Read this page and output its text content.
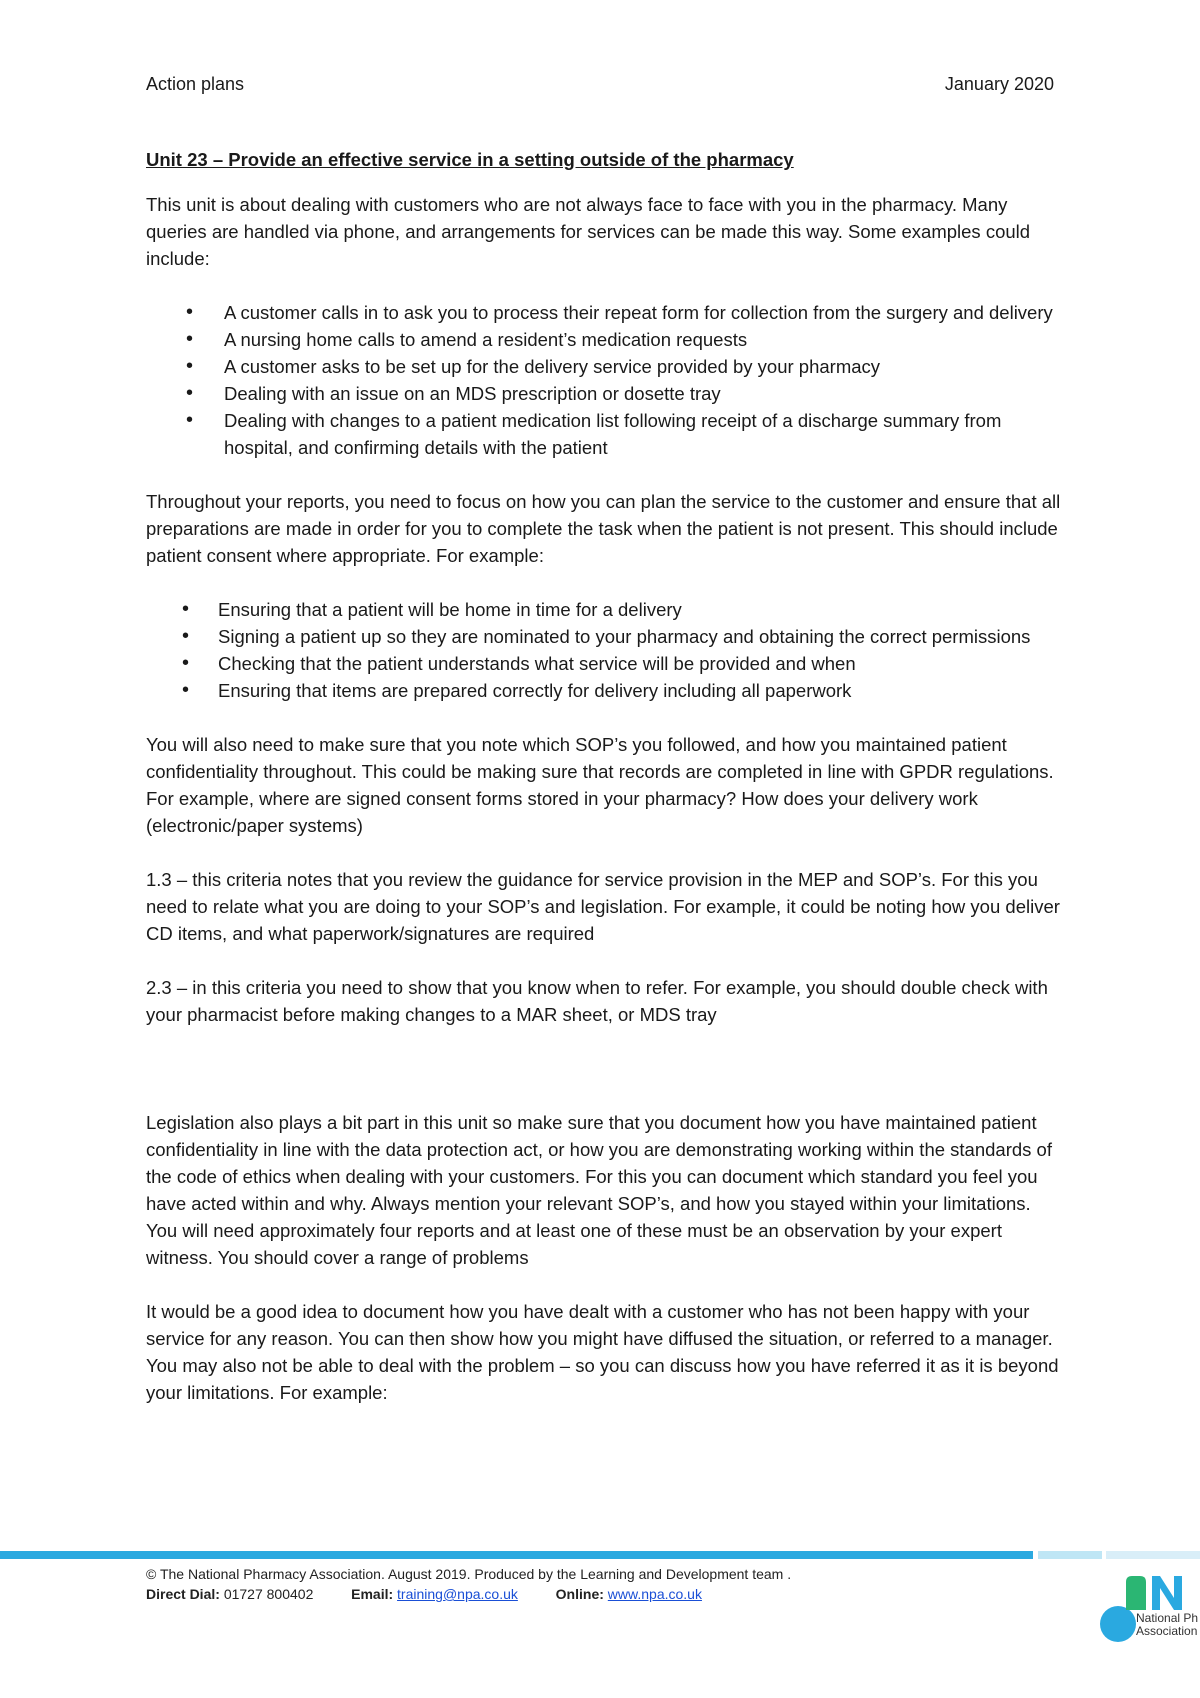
Action plans	January 2020
Unit 23 – Provide an effective service in a setting outside of the pharmacy

This unit is about dealing with customers who are not always face to face with you in the pharmacy. Many queries are handled via phone, and arrangements for services can be made this way. Some examples could include:

• A customer calls in to ask you to process their repeat form for collection from the surgery and delivery
• A nursing home calls to amend a resident’s medication requests
• A customer asks to be set up for the delivery service provided by your pharmacy
• Dealing with an issue on an MDS prescription or dosette tray
• Dealing with changes to a patient medication list following receipt of a discharge summary from hospital, and confirming details with the patient

Throughout your reports, you need to focus on how you can plan the service to the customer and ensure that all preparations are made in order for you to complete the task when the patient is not present. This should include patient consent where appropriate. For example:

• Ensuring that a patient will be home in time for a delivery
• Signing a patient up so they are nominated to your pharmacy and obtaining the correct permissions
• Checking that the patient understands what service will be provided and when
• Ensuring that items are prepared correctly for delivery including all paperwork

You will also need to make sure that you note which SOP’s you followed, and how you maintained patient confidentiality throughout. This could be making sure that records are completed in line with GPDR regulations. For example, where are signed consent forms stored in your pharmacy? How does your delivery work (electronic/paper systems)

1.3 – this criteria notes that you review the guidance for service provision in the MEP and SOP’s. For this you need to relate what you are doing to your SOP’s and legislation. For example, it could be noting how you deliver CD items, and what paperwork/signatures are required

2.3 – in this criteria you need to show that you know when to refer. For example, you should double check with your pharmacist before making changes to a MAR sheet, or MDS tray

Legislation also plays a bit part in this unit so make sure that you document how you have maintained patient confidentiality in line with the data protection act, or how you are demonstrating working within the standards of the code of ethics when dealing with your customers. For this you can document which standard you feel you have acted within and why. Always mention your relevant SOP’s, and how you stayed within your limitations.

You will need approximately four reports and at least one of these must be an observation by your expert witness. You should cover a range of problems

It would be a good idea to document how you have dealt with a customer who has not been happy with your service for any reason. You can then show how you might have diffused the situation, or referred to a manager. You may also not be able to deal with the problem – so you can discuss how you have referred it as it is beyond your limitations. For example:

© The National Pharmacy Association. August 2019. Produced by the Learning and Development team .
Direct Dial: 01727 800402	Email: training@npa.co.uk	Online: www.npa.co.uk
National Ph
Association
